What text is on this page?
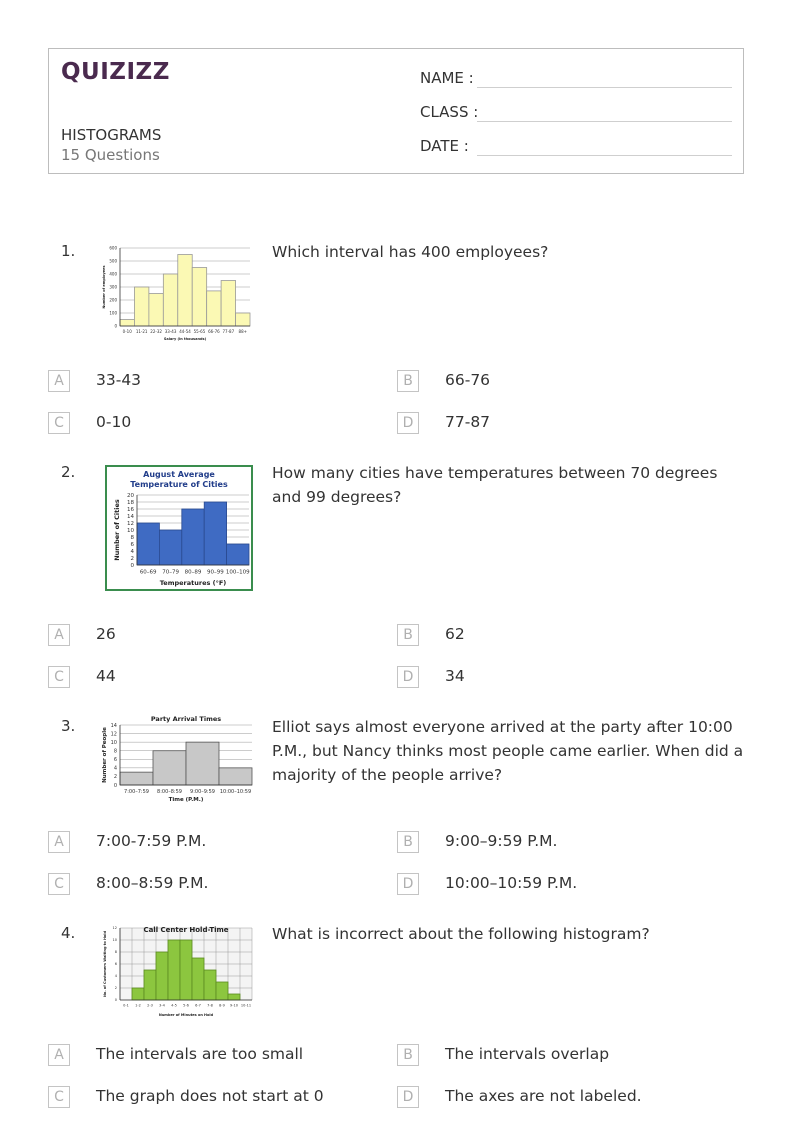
QUIZIZZ
HISTOGRAMS
15 Questions
NAME :
CLASS :
DATE :
1.
0
100
200
300
400
500
600
0-10 11-21 22-32 33-43 44-54 55-65 66-76 77-87 88+
Salary (in thousands)
Number of employees
Which interval has 400 employees?
A	33-43	B	66-76
C	0-10	D	77-87
2.
0
2
4
6
8
10
12
14
16
18
20
60–69 70–79 80–89 90–99 100–109
August Average
Temperature of Cities
Temperatures (°F)
Number of Cities
How many cities have temperatures between 70 degrees and 99 degrees?
A	26	B	62
C	44	D	34
3.
0
2
4
6
8
10
12
14
7:00–7:59 8:00–8:59 9:00–9:59 10:00–10:59
Party Arrival Times
Time (P.M.)
Number of People
Elliot says almost everyone arrived at the party after 10:00 P.M., but Nancy thinks most people came earlier. When did a majority of the people arrive?
A	7:00-7:59 P.M.	B	9:00–9:59 P.M.
C	8:00–8:59 P.M.	D	10:00–10:59 P.M.
4.
0
2
4
6
8
10
12
0-1 1-2 2-3 3-4 4-5 5-6 6-7 7-8 8-9 9-10 10-11
Call Center Hold-Time
Number of Minutes on Hold
No. of Customers Waiting to Hold	What is incorrect about the following histogram?
A	The intervals are too small	B	The intervals overlap
C	The graph does not start at 0	D	The axes are not labeled.
